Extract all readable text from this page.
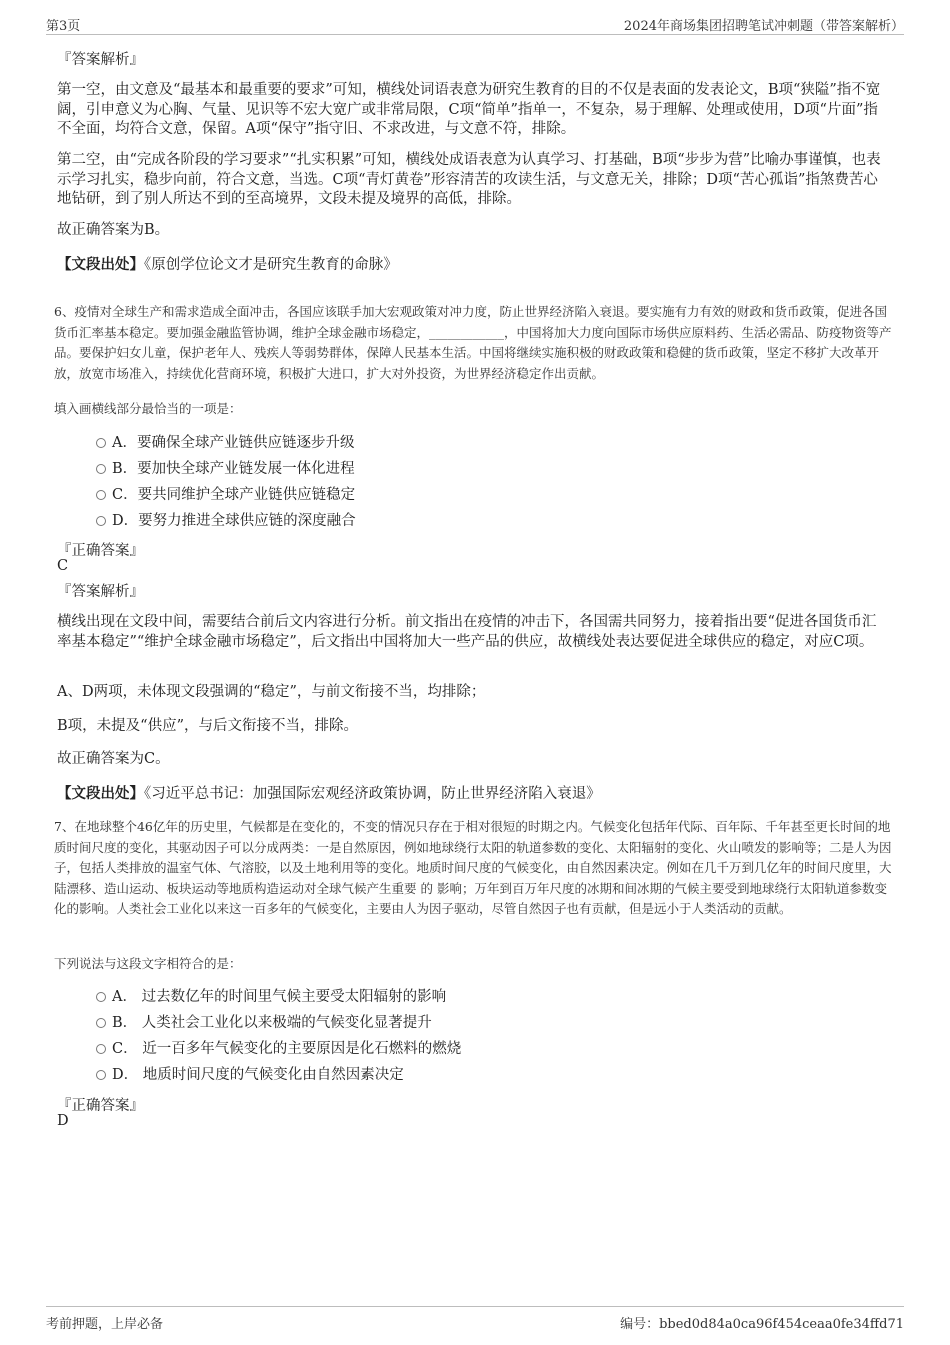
第3页	2024年商场集团招聘笔试冲刺题（带答案解析）
『答案解析』
第一空，由文意及“最基本和最重要的要求”可知，横线处词语表意为研究生教育的目的不仅是表面的发表论文，B项“狭隘”指不宽阔，引申意义为心胸、气量、见识等不宏大宽广或非常局限，C项“简单”指单一，不复杂，易于理解、处理或使用，D项“片面”指不全面，均符合文意，保留。A项“保守”指守旧、不求改进，与文意不符，排除。
第二空，由“完成各阶段的学习要求”“扎实积累”可知，横线处成语表意为认真学习、打基础，B项“步步为营”比喻办事谨慎，也表示学习扎实，稳步向前，符合文意，当选。C项“青灯黄卷”形容清苦的攻读生活，与文意无关，排除；D项“苦心孤诣”指煞费苦心地钻研，到了别人所达不到的至高境界，文段未提及境界的高低，排除。
故正确答案为B。
【文段出处】《原创学位论文才是研究生教育的命脉》
6、疫情对全球生产和需求造成全面冲击，各国应该联手加大宏观政策对冲力度，防止世界经济陷入衰退。要实施有力有效的财政和货币政策，促进各国货币汇率基本稳定。要加强金融监管协调，维护全球金融市场稳定，____________，中国将加大力度向国际市场供应原料药、生活必需品、防疫物资等产品。要保护妇女儿童，保护老年人、残疾人等弱势群体，保障人民基本生活。中国将继续实施积极的财政政策和稳健的货币政策，坚定不移扩大改革开放，放宽市场准入，持续优化营商环境，积极扩大进口，扩大对外投资，为世界经济稳定作出贡献。
填入画横线部分最恰当的一项是：
A．要确保全球产业链供应链逐步升级
B．要加快全球产业链发展一体化进程
C．要共同维护全球产业链供应链稳定
D．要努力推进全球供应链的深度融合
『正确答案』
C
『答案解析』
横线出现在文段中间，需要结合前后文内容进行分析。前文指出在疫情的冲击下，各国需共同努力，接着指出要“促进各国货币汇率基本稳定”“维护全球金融市场稳定”，后文指出中国将加大一些产品的供应，故横线处表达要促进全球供应的稳定，对应C项。
A、D两项，未体现文段强调的“稳定”，与前文衔接不当，均排除；
B项，未提及“供应”，与后文衔接不当，排除。
故正确答案为C。
【文段出处】《习近平总书记：加强国际宏观经济政策协调，防止世界经济陷入衰退》
7、在地球整个46亿年的历史里，气候都是在变化的，不变的情况只存在于相对很短的时期之内。气候变化包括年代际、百年际、千年甚至更长时间的地质时间尺度的变化，其驱动因子可以分成两类：一是自然原因，例如地球绕行太阳的轨道参数的变化、太阳辐射的变化、火山喷发的影响等；二是人为因子，包括人类排放的温室气体、气溶胶，以及土地利用等的变化。地质时间尺度的气候变化，由自然因素决定。例如在几千万到几亿年的时间尺度里，大陆漂移、造山运动、板块运动等地质构造运动对全球气候产生重要 的 影响；万年到百万年尺度的冰期和间冰期的气候主要受到地球绕行太阳轨道参数变化的影响。人类社会工业化以来这一百多年的气候变化，主要由人为因子驱动，尽管自然因子也有贡献，但是远小于人类活动的贡献。
下列说法与这段文字相符合的是：
A． 过去数亿年的时间里气候主要受太阳辐射的影响
B． 人类社会工业化以来极端的气候变化显著提升
C． 近一百多年气候变化的主要原因是化石燃料的燃烧
D． 地质时间尺度的气候变化由自然因素决定
『正确答案』
D
考前押题，上岸必备	编号：bbed0d84a0ca96f454ceaa0fe34ffd71
